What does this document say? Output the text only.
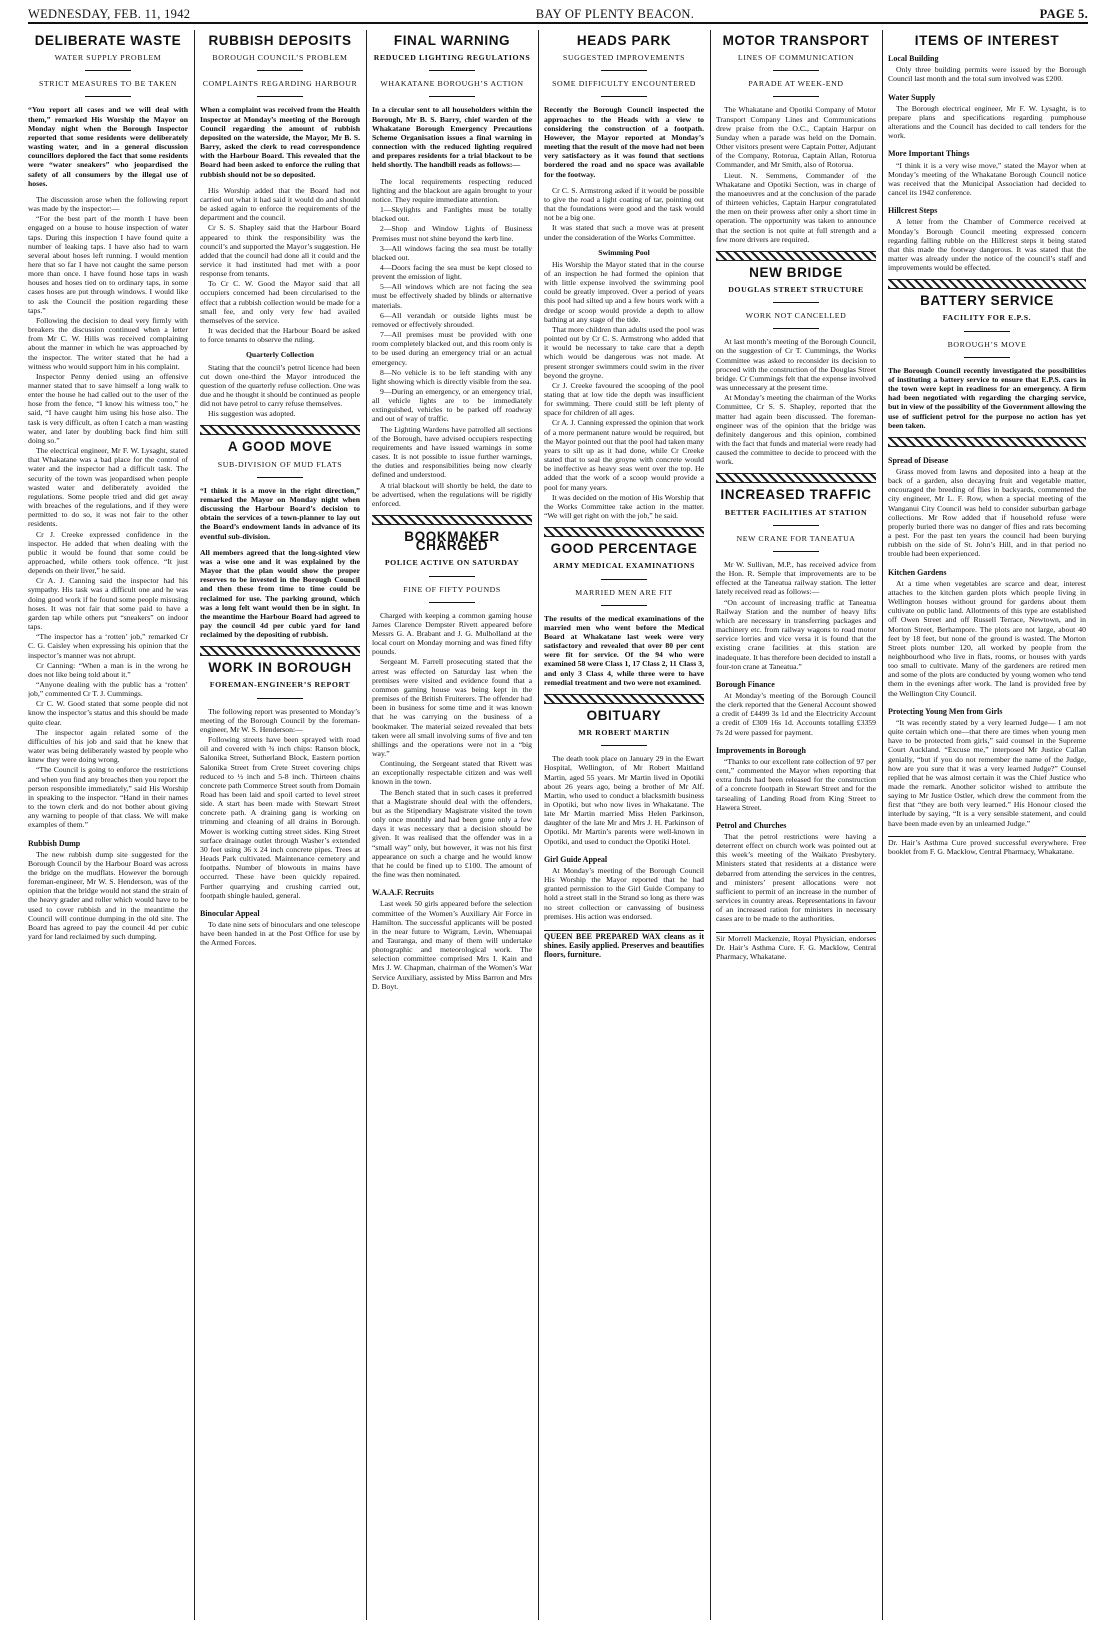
WEDNESDAY, FEB. 11, 1942	BAY OF PLENTY BEACON.	PAGE 5.
DELIBERATE WASTE
WATER SUPPLY PROBLEM
STRICT MEASURES TO BE TAKEN
“You report all cases and we will deal with them,” remarked His Worship the Mayor on Monday night when the Borough Inspector reported that some residents were deliberately wasting water, and in a general discussion councillors deplored the fact that some residents were “water sneakers” who jeopardised the safety of all consumers by the illegal use of hoses.

The discussion arose when the following report was made by the inspector:—

“For the best part of the month I have been engaged on a house to house inspection of water taps. During this inspection I have found quite a number of leaking taps. I have also had to warn several about hoses left running. I would mention here that so far I have not caught the same person more than once. I have found hose taps in wash houses and hoses tied on to ordinary taps, in some cases hoses are put through windows. I would like to ask the Council the position regarding these taps.”

Following the decision to deal very firmly with breakers the discussion continued when a letter from Mr C. W. Hills was received complaining about the manner in which he was approached by the inspector. The writer stated that he had a witness who would support him in his complaint.

Inspector Penny denied using an offensive manner stated that to save himself a long walk to enter the house he had called out to the user of the hose from the fence, “I know his witness too,” he said, “I have caught him using his hose also. The task is very difficult, as often I catch a man wasting water, and later by doubling back find him still doing so.”

The electrical engineer, Mr F. W. Lysaght, stated that Whakatane was a bad place for the control of water and the inspector had a difficult task. The security of the town was jeopardised when people wasted water and deliberately avoided the regulations. Some people tried and did get away with breaches of the regulations, and if they were permitted to do so, it was not fair to the other residents.

Cr J. Creeke expressed confidence in the inspector. He added that when dealing with the public it would be found that some could be approached, while others took offence. “It just depends on their liver,” he said.

Cr A. J. Canning said the inspector had his sympathy. His task was a difficult one and he was doing good work if he found some people misusing hoses. It was not fair that some paid to have a garden tap while others put “sneakers” on indoor taps.

“The inspector has a ‘rotten’ job,” remarked Cr C. G. Caisley when expressing his opinion that the inspector’s manner was not abrupt.

Cr Canning: “When a man is in the wrong he does not like being told about it.”

“Anyone dealing with the public has a ‘rotten’ job,” commented Cr T. J. Cummings.

Cr C. W. Good stated that some people did not know the inspector’s status and this should be made quite clear.

The inspector again related some of the difficulties of his job and said that he knew that water was being deliberately wasted by people who knew they were doing wrong.

“The Council is going to enforce the restrictions and when you find any breaches then you report the person responsible immediately,” said His Worship in speaking to the inspector. “Hand in their names to the town clerk and do not bother about giving any warning to people of that class. We will make examples of them.”

Rubbish Dump

The new rubbish dump site suggested for the Borough Council by the Harbour Board was across the bridge on the mudflats. However the borough foreman-engineer, Mr W. S. Henderson, was of the opinion that the bridge would not stand the strain of the heavy grader and roller which would have to be used to cover rubbish and in the meantime the Council will continue dumping in the old site. The Board has agreed to pay the council 4d per cubic yard for land reclaimed by such dumping.

RUBBISH DEPOSITS
BOROUGH COUNCIL’S PROBLEM
COMPLAINTS REGARDING HARBOUR
When a complaint was received from the Health Inspector at Monday’s meeting of the Borough Council regarding the amount of rubbish deposited on the waterside, the Mayor, Mr B. S. Barry, asked the clerk to read correspondence with the Harbour Board. This revealed that the Board had been asked to enforce the ruling that rubbish should not be so deposited.

His Worship added that the Board had not carried out what it had said it would do and should be asked again to enforce the requirements of the department and the council.

Cr S. S. Shapley said that the Harbour Board appeared to think the responsibility was the council’s and supported the Mayor’s suggestion. He added that the council had done all it could and the service it had instituted had met with a poor response from tenants.

To Cr C. W. Good the Mayor said that all occupiers concerned had been circularised to the effect that a rubbish collection would be made for a small fee, and only very few had availed themselves of the service.

It was decided that the Harbour Board be asked to force tenants to observe the ruling.

Quarterly Collection

Stating that the council’s petrol licence had been cut down one-third the Mayor introduced the question of the quarterly refuse collection. One was due and he thought it should be continued as people did not have petrol to carry refuse themselves.

His suggestion was adopted.

A GOOD MOVE
SUB-DIVISION OF MUD FLATS
“I think it is a move in the right direction,” remarked the Mayor on Monday night when discussing the Harbour Board’s decision to obtain the services of a town-planner to lay out the Board’s endowment lands in advance of its eventful sub-division.
All members agreed that the long-sighted view was a wise one and it was explained by the Mayor that the plan would show the proper reserves to be invested in the Borough Council and then these from time to time could be reclaimed for use. The parking ground, which was a long felt want would then be in sight. In the meantime the Harbour Board had agreed to pay the council 4d per cubic yard for land reclaimed by the depositing of rubbish.
WORK IN BOROUGH
FOREMAN-ENGINEER’S REPORT

The following report was presented to Monday’s meeting of the Borough Council by the foreman-engineer, Mr W. S. Henderson:—

Following streets have been sprayed with road oil and covered with ¾ inch chips: Ranson block, Salonika Street, Sutherland Block, Eastern portion Salonika Street from Crete Street covering chips reduced to ½ inch and 5-8 inch. Thirteen chains concrete path Commerce Street south from Domain Road has been laid and spoil carted to level street side. A start has been made with Stewart Street concrete path. A draining gang is working on trimming and cleaning of all drains in Borough. Mower is working cutting street sides. King Street surface drainage outlet through Washer’s extended 30 feet using 36 x 24 inch concrete pipes. Trees at Heads Park cultivated. Maintenance cemetery and footpaths. Number of blowouts in mains have occurred. These have been quickly repaired. Further quarrying and crushing carried out, footpath shingle hauled, general.

Binocular Appeal

To date nine sets of binoculars and one telescope have been handed in at the Post Office for use by the Armed Forces.

FINAL WARNING
REDUCED LIGHTING REGULATIONS
WHAKATANE BOROUGH’S ACTION
In a circular sent to all householders within the Borough, Mr B. S. Barry, chief warden of the Whakatane Borough Emergency Precautions Scheme Organisation issues a final warning in connection with the reduced lighting required and prepares residents for a trial blackout to be held shortly. The handbill reads as follows:—

The local requirements respecting reduced lighting and the blackout are again brought to your notice. They require immediate attention.

1—Skylights and Fanlights must be totally blacked out.

2—Shop and Window Lights of Business Premises must not shine beyond the kerb line.

3—All windows facing the sea must be totally blacked out.

4—Doors facing the sea must be kept closed to prevent the emission of light.

5—All windows which are not facing the sea must be effectively shaded by blinds or alternative materials.

6—All verandah or outside lights must be removed or effectively shrouded.

7—All premises must be provided with one room completely blacked out, and this room only is to be used during an emergency trial or an actual emergency.

8—No vehicle is to be left standing with any light showing which is directly visible from the sea.

9—During an emergency, or an emergency trial, all vehicle lights are to be immediately extinguished, vehicles to be parked off roadway and out of way of traffic.

The Lighting Wardens have patrolled all sections of the Borough, have advised occupiers respecting requirements and have issued warnings in some cases. It is not possible to issue further warnings, the duties and responsibilities being now clearly defined and understood.

A trial blackout will shortly be held, the date to be advertised, when the regulations will be rigidly enforced.

BOOKMAKER CHARGED
POLICE ACTIVE ON SATURDAY
FINE OF FIFTY POUNDS

Charged with keeping a common gaming house James Clarence Dempster Rivett appeared before Messrs G. A. Brabant and J. G. Mulholland at the local court on Monday morning and was fined fifty pounds.

Sergeant M. Farrell prosecuting stated that the arrest was effected on Saturday last when the premises were visited and evidence found that a common gaming house was being kept in the premises of the British Fruiterers. The offender had been in business for some time and it was known that he was carrying on the business of a bookmaker. The material seized revealed that bets taken were all small involving sums of five and ten shillings and the operations were not in a “big way.”

Continuing, the Sergeant stated that Rivett was an exceptionally respectable citizen and was well known in the town.

The Bench stated that in such cases it preferred that a Magistrate should deal with the offenders, but as the Stipendiary Magistrate visited the town only once monthly and had been gone only a few days it was necessary that a decision should be given. It was realised that the offender was in a “small way” only, but however, it was not his first appearance on such a charge and he would know that he could be fined up to £100. The amount of the fine was then nominated.

W.A.A.F. Recruits

Last week 50 girls appeared before the selection committee of the Women’s Auxiliary Air Force in Hamilton. The successful applicants will be posted in the near future to Wigram, Levin, Whenuapai and Tauranga, and many of them will undertake photographic and meteorological work. The selection committee comprised Mrs I. Kain and Mrs J. W. Chapman, chairman of the Women’s War Service Auxiliary, assisted by Miss Barron and Mrs D. Boyt.

HEADS PARK
SUGGESTED IMPROVEMENTS
SOME DIFFICULTY ENCOUNTERED
Recently the Borough Council inspected the approaches to the Heads with a view to considering the construction of a footpath. However, the Mayor reported at Monday’s meeting that the result of the move had not been very satisfactory as it was found that sections bordered the road and no space was available for the footway.

Cr C. S. Armstrong asked if it would be possible to give the road a light coating of tar, pointing out that the foundations were good and the task would not be a big one.

It was stated that such a move was at present under the consideration of the Works Committee.

Swimming Pool

His Worship the Mayor stated that in the course of an inspection he had formed the opinion that with little expense involved the swimming pool could be greatly improved. Over a period of years this pool had silted up and a few hours work with a dredge or scoop would provide a depth to allow bathing at any stage of the tide.

That more children than adults used the pool was pointed out by Cr C. S. Armstrong who added that it would be necessary to take care that a depth which would be dangerous was not made. At present stronger swimmers could swim in the river beyond the groyne.

Cr J. Creeke favoured the scooping of the pool stating that at low tide the depth was insufficient for swimming. There could still be left plenty of space for children of all ages.

Cr A. J. Canning expressed the opinion that work of a more permanent nature would be required, but the Mayor pointed out that the pool had taken many years to silt up as it had done, while Cr Creeke stated that to seal the groyne with concrete would be ineffective as heavy seas went over the top. He added that the work of a scoop would provide a pool for many years.

It was decided on the motion of His Worship that the Works Committee take action in the matter. “We will get right on with the job,” he said.

GOOD PERCENTAGE
ARMY MEDICAL EXAMINATIONS
MARRIED MEN ARE FIT
The results of the medical examinations of the married men who went before the Medical Board at Whakatane last week were very satisfactory and revealed that over 80 per cent were fit for service. Of the 94 who were examined 58 were Class 1, 17 Class 2, 11 Class 3, and only 3 Class 4, while three were to have remedial treatment and two were not examined.
OBITUARY
MR ROBERT MARTIN

The death took place on January 29 in the Ewart Hospital, Wellington, of Mr Robert Maitland Martin, aged 55 years. Mr Martin lived in Opotiki about 26 years ago, being a brother of Mr Alf. Martin, who used to conduct a blacksmith business in Opotiki, but who now lives in Whakatane. The late Mr Martin married Miss Helen Parkinson, daughter of the late Mr and Mrs J. H. Parkinson of Opotiki. Mr Martin’s parents were well-known in Opotiki, and used to conduct the Opotiki Hotel.

Girl Guide Appeal

At Monday’s meeting of the Borough Council His Worship the Mayor reported that he had granted permission to the Girl Guide Company to hold a street stall in the Strand so long as there was no street collection or canvassing of business premises. His action was endorsed.

QUEEN BEE PREPARED WAX cleans as it shines. Easily applied. Preserves and beautifies floors, furniture.
MOTOR TRANSPORT
LINES OF COMMUNICATION
PARADE AT WEEK-END

The Whakatane and Opotiki Company of Motor Transport Company Lines and Communications drew praise from the O.C., Captain Harpur on Sunday when a parade was held on the Domain. Other visitors present were Captain Potter, Adjutant of the Company, Rotorua, Captain Allan, Rotorua Commander, and Mr Smith, also of Rotorua.

Lieut. N. Semmens, Commander of the Whakatane and Opotiki Section, was in charge of the manoeuvres and at the conclusion of the parade of thirteen vehicles, Captain Harpur congratulated the men on their prowess after only a short time in operation. The opportunity was taken to announce that the section is not quite at full strength and a few more drivers are required.

NEW BRIDGE
DOUGLAS STREET STRUCTURE
WORK NOT CANCELLED

At last month’s meeting of the Borough Council, on the suggestion of Cr T. Cummings, the Works Committee was asked to reconsider its decision to proceed with the construction of the Douglas Street bridge. Cr Cummings felt that the expense involved was unnecessary at the present time.

At Monday’s meeting the chairman of the Works Committee, Cr S. S. Shapley, reported that the matter had again been discussed. The foreman-engineer was of the opinion that the bridge was definitely dangerous and this opinion, combined with the fact that funds and material were ready had caused the committee to decide to proceed with the work.

INCREASED TRAFFIC
BETTER FACILITIES AT STATION
NEW CRANE FOR TANEATUA

Mr W. Sullivan, M.P., has received advice from the Hon. R. Semple that improvements are to be effected at the Taneatua railway station. The letter lately received read as follows:—

“On account of increasing traffic at Taneatua Railway Station and the number of heavy lifts which are necessary in transferring packages and machinery etc. from railway wagons to road motor service lorries and vice versa it is found that the existing crane facilities at this station are inadequate. It has therefore been decided to install a four-ton crane at Taneatua.”

Borough Finance

At Monday’s meeting of the Borough Council the clerk reported that the General Account showed a credit of £4499 3s 1d and the Electricity Account a credit of £309 16s 1d. Accounts totalling £3359 7s 2d were passed for payment.

Improvements in Borough

“Thanks to our excellent rate collection of 97 per cent,” commented the Mayor when reporting that extra funds had been released for the construction of a concrete footpath in Stewart Street and for the tarsealing of Landing Road from King Street to Hawera Street.

Petrol and Churches

That the petrol restrictions were having a deterrent effect on church work was pointed out at this week’s meeting of the Waikato Presbytery. Ministers stated that residents at a distance were debarred from attending the services in the centres, and ministers’ present allocations were not sufficient to permit of an increase in the number of services in country areas. Representations in favour of an increased ration for ministers in necessary cases are to be made to the authorities.

Sir Morrell Mackenzie, Royal Physician, endorses Dr. Hair’s Asthma Cure. F. G. Macklow, Central Pharmacy, Whakatane.
ITEMS OF INTEREST
Local Building

Only three building permits were issued by the Borough Council last month and the total sum involved was £200.

Water Supply

The Borough electrical engineer, Mr F. W. Lysaght, is to prepare plans and specifications regarding pumphouse alterations and the Council has decided to call tenders for the work.

More Important Things

“I think it is a very wise move,” stated the Mayor when at Monday’s meeting of the Whakatane Borough Council notice was received that the Municipal Association had decided to cancel its 1942 conference.

Hillcrest Steps

A letter from the Chamber of Commerce received at Monday’s Borough Council meeting expressed concern regarding falling rubble on the Hillcrest steps it being stated that this made the footway dangerous. It was stated that the matter was already under the notice of the council’s staff and improvements would be effected.

BATTERY SERVICE
FACILITY FOR E.P.S.
BOROUGH’S MOVE
The Borough Council recently investigated the possibilities of instituting a battery service to ensure that E.P.S. cars in the town were kept in readiness for an emergency. A firm had been negotiated with regarding the charging service, but in view of the possibility of the Government allowing the use of sufficient petrol for the purpose no action has yet been taken.
Spread of Disease

Grass moved from lawns and deposited into a heap at the back of a garden, also decaying fruit and vegetable matter, encouraged the breeding of flies in backyards, commented the city engineer, Mr L. F. Row, when a special meeting of the Wanganui City Council was held to consider suburban garbage collections. Mr Row added that if household refuse were properly buried there was no danger of flies and rats becoming a pest. For the past ten years the council had been burying rubbish on the side of St. John’s Hill, and in that period no trouble had been experienced.

Kitchen Gardens

At a time when vegetables are scarce and dear, interest attaches to the kitchen garden plots which people living in Wellington houses without ground for gardens about them cultivate on public land. Allotments of this type are established off Owen Street and off Russell Terrace, Newtown, and in Morton Street, Berhampore. The plots are not large, about 40 feet by 18 feet, but none of the ground is wasted. The Morton Street plots number 120, all worked by people from the neighbourhood who live in flats, rooms, or houses with yards too small to cultivate. Many of the gardeners are retired men and some of the plots are conducted by young women who tend them in the evenings after work. The land is provided free by the Wellington City Council.

Protecting Young Men from Girls

“It was recently stated by a very learned Judge— I am not quite certain which one—that there are times when young men have to be protected from girls,” said counsel in the Supreme Court Auckland. “Excuse me,” interposed Mr Justice Callan genially, “but if you do not remember the name of the Judge, how are you sure that it was a very learned Judge?” Counsel replied that he was almost certain it was the Chief Justice who made the remark. Another solicitor wished to attribute the saying to Mr Justice Ostler, which drew the comment from the first that “they are both very learned.” His Honour closed the interlude by saying, “It is a very sensible statement, and could have been made even by an unlearned Judge.”

Dr. Hair’s Asthma Cure proved successful everywhere. Free booklet from F. G. Macklow, Central Pharmacy, Whakatane.
